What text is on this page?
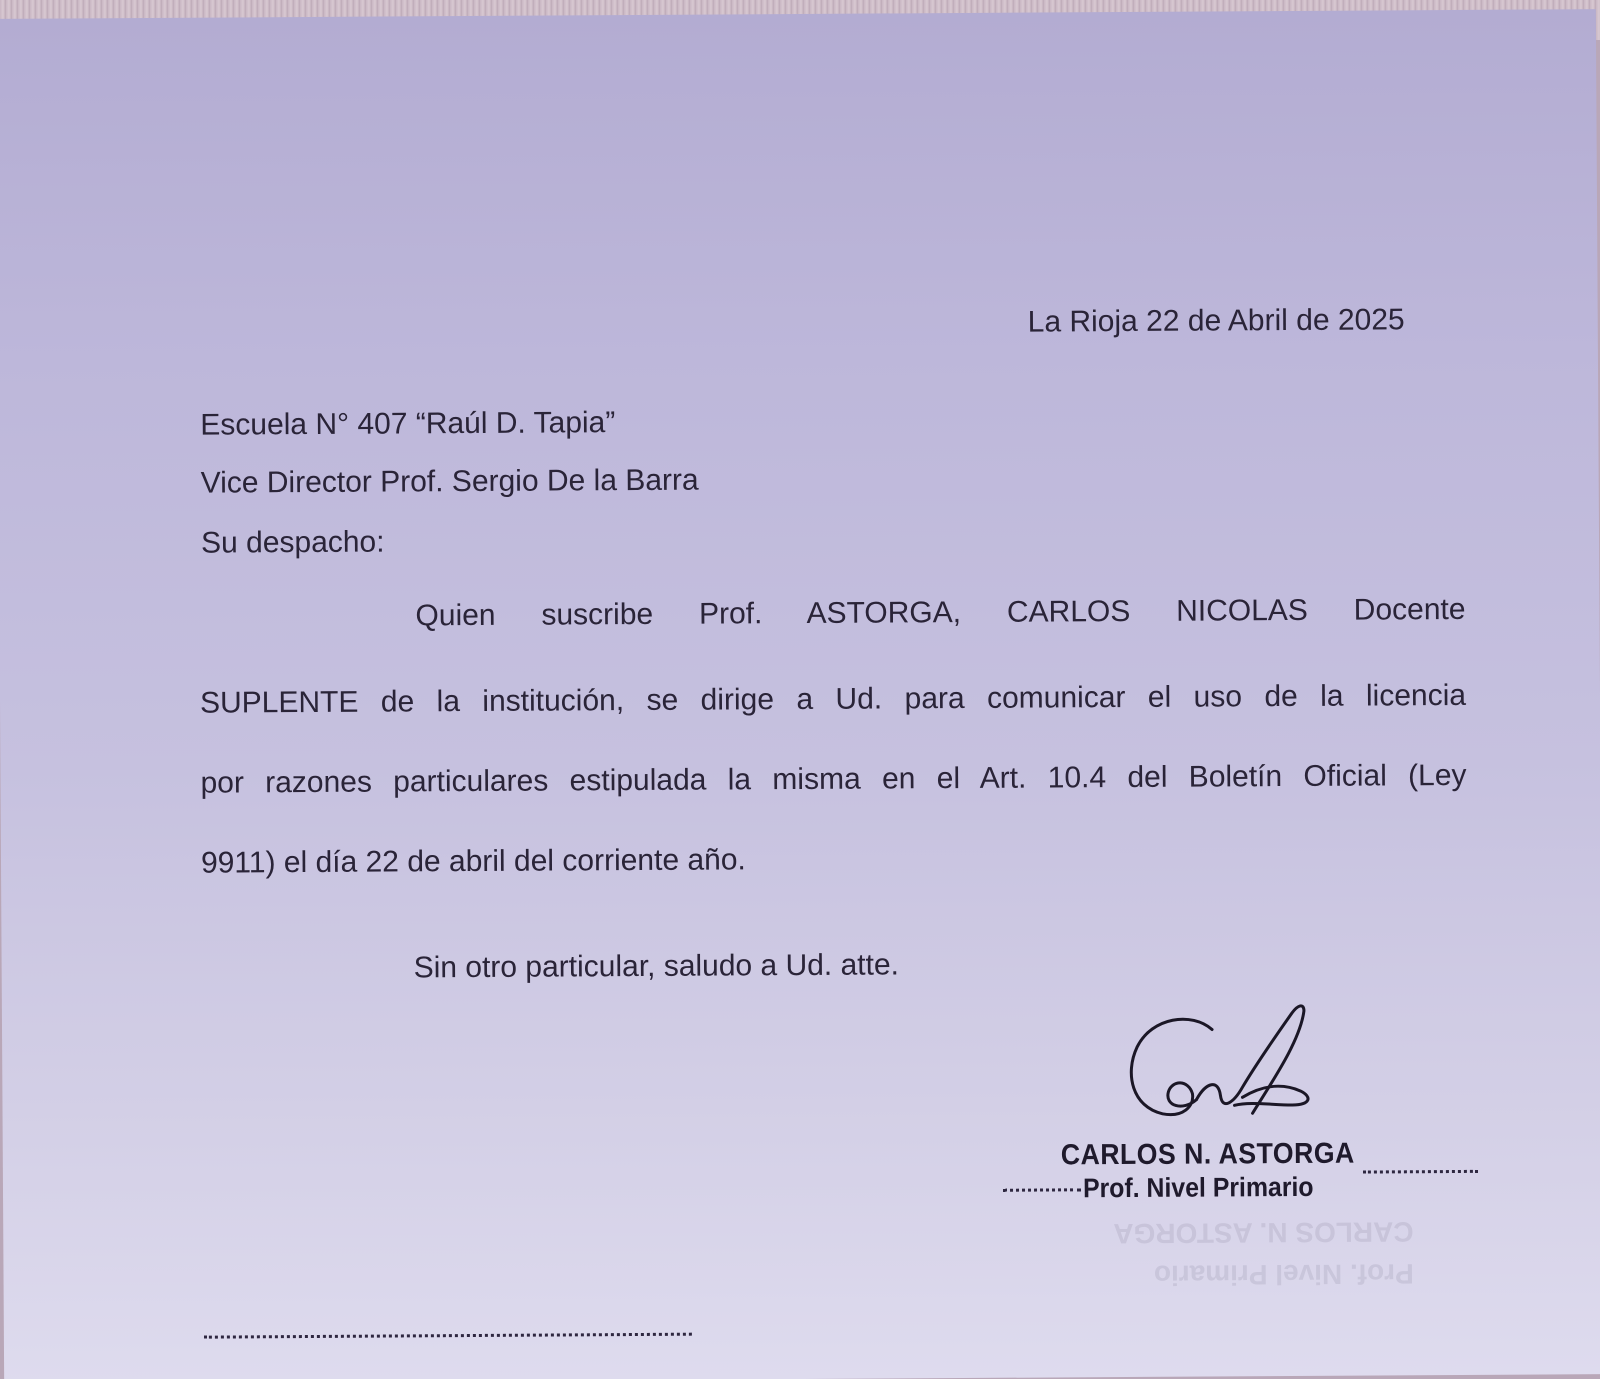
La Rioja 22 de Abril de 2025
Escuela N° 407 “Raúl D. Tapia”
Vice Director Prof. Sergio De la Barra
Su despacho:
Quien suscribe Prof. ASTORGA, CARLOS NICOLAS Docente
SUPLENTE de la institución, se dirige a Ud. para comunicar el uso de la licencia
por razones particulares estipulada la misma en el Art. 10.4 del Boletín Oficial (Ley
9911) el día 22 de abril del corriente año.
Sin otro particular, saludo a Ud. atte.
CARLOS N. ASTORGA
Prof. Nivel Primario
Prof. Nivel Primario
CARLOS N. ASTORGA
